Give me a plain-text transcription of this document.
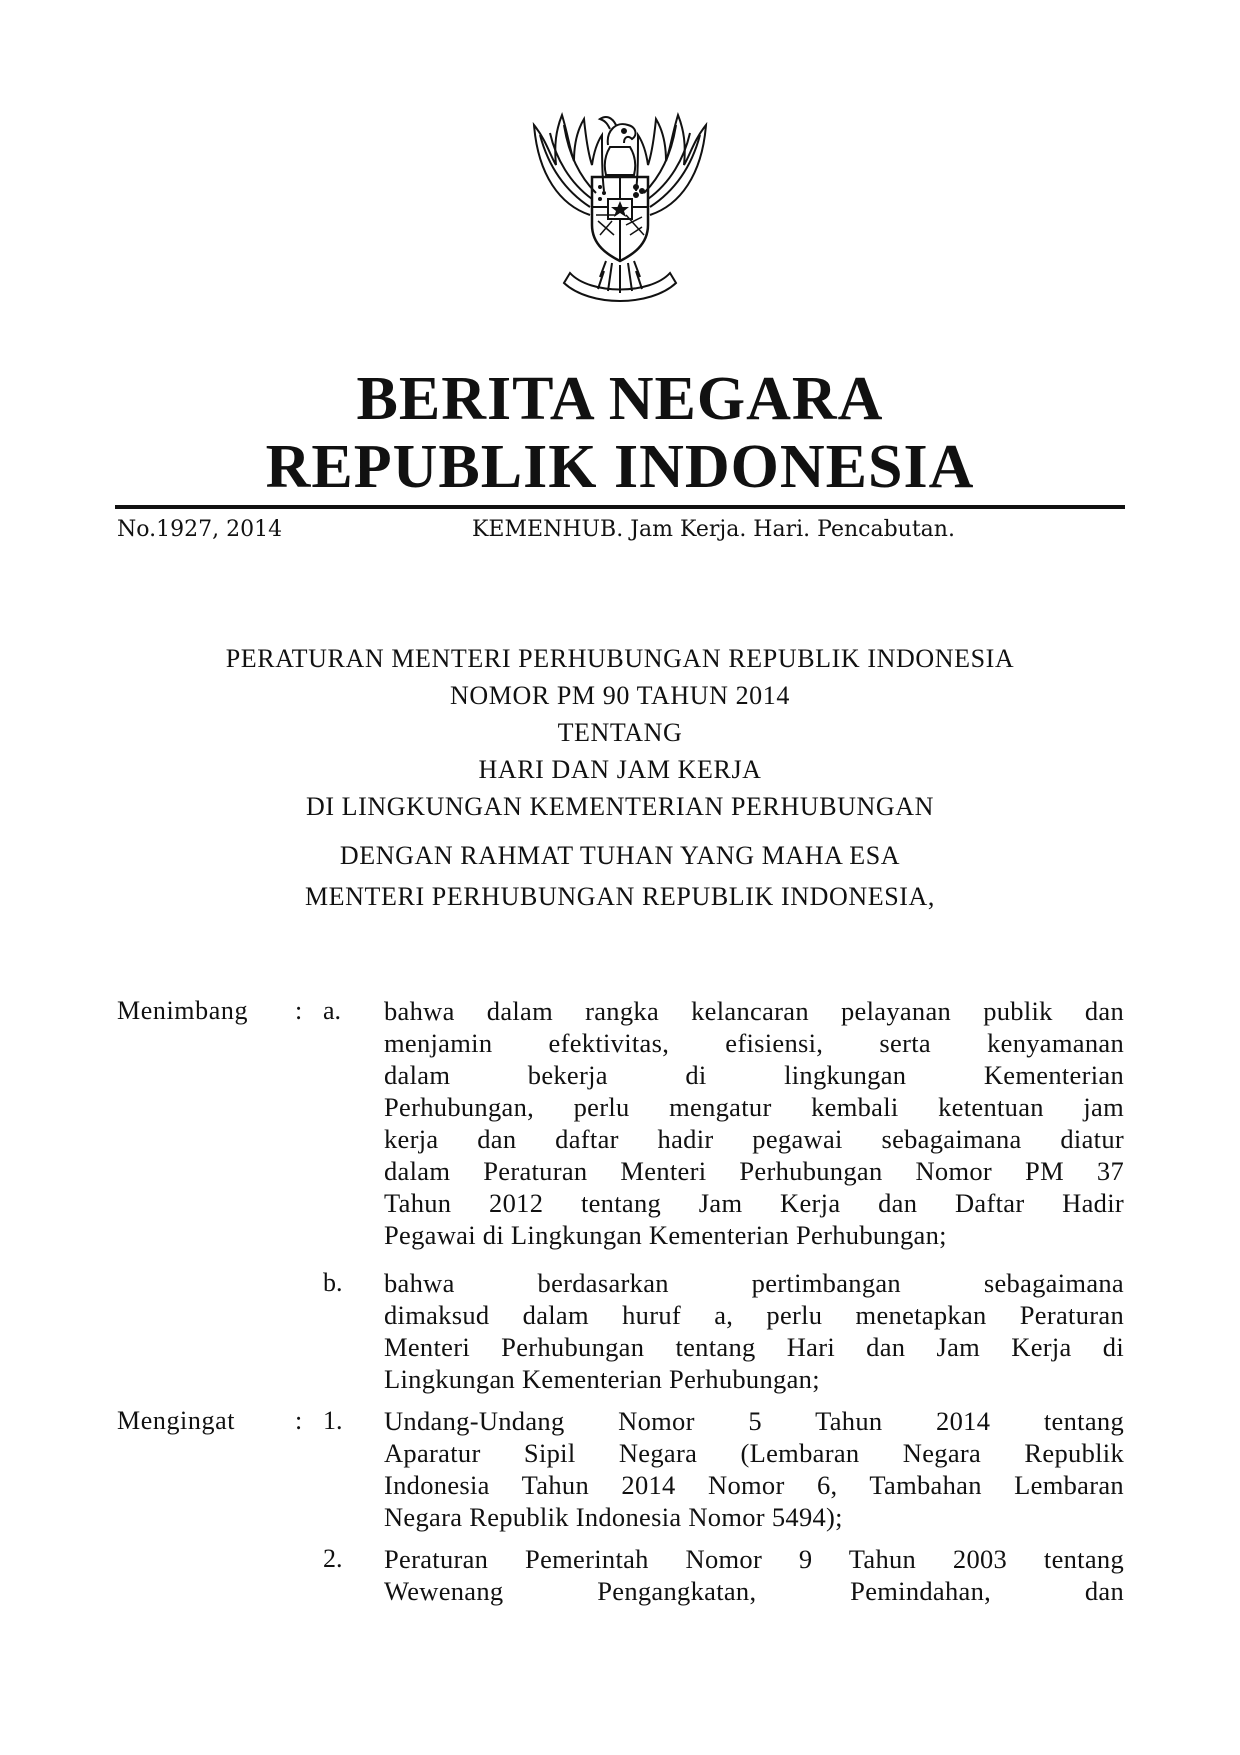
BERITA NEGARA
REPUBLIK INDONESIA
No.1927, 2014	KEMENHUB. Jam Kerja. Hari. Pencabutan.
PERATURAN MENTERI PERHUBUNGAN REPUBLIK INDONESIA
NOMOR PM 90 TAHUN 2014
TENTANG
HARI DAN JAM KERJA
DI LINGKUNGAN KEMENTERIAN PERHUBUNGAN
DENGAN RAHMAT TUHAN YANG MAHA ESA
MENTERI PERHUBUNGAN REPUBLIK INDONESIA,
Menimbang	: a. bahwa dalam rangka kelancaran pelayanan publik dan
menjamin efektivitas, efisiensi, serta kenyamanan
dalam bekerja di lingkungan Kementerian
Perhubungan, perlu mengatur kembali ketentuan jam
kerja dan daftar hadir pegawai sebagaimana diatur
dalam Peraturan Menteri Perhubungan Nomor PM 37
Tahun 2012 tentang Jam Kerja dan Daftar Hadir
Pegawai di Lingkungan Kementerian Perhubungan;
b. bahwa berdasarkan pertimbangan sebagaimana
dimaksud dalam huruf a, perlu menetapkan Peraturan
Menteri Perhubungan tentang Hari dan Jam Kerja di
Lingkungan Kementerian Perhubungan;
Mengingat	: 1. Undang-Undang Nomor 5 Tahun 2014 tentang
Aparatur Sipil Negara (Lembaran Negara Republik
Indonesia Tahun 2014 Nomor 6, Tambahan Lembaran
Negara Republik Indonesia Nomor 5494);
2. Peraturan Pemerintah Nomor 9 Tahun 2003 tentang
Wewenang Pengangkatan, Pemindahan, dan
